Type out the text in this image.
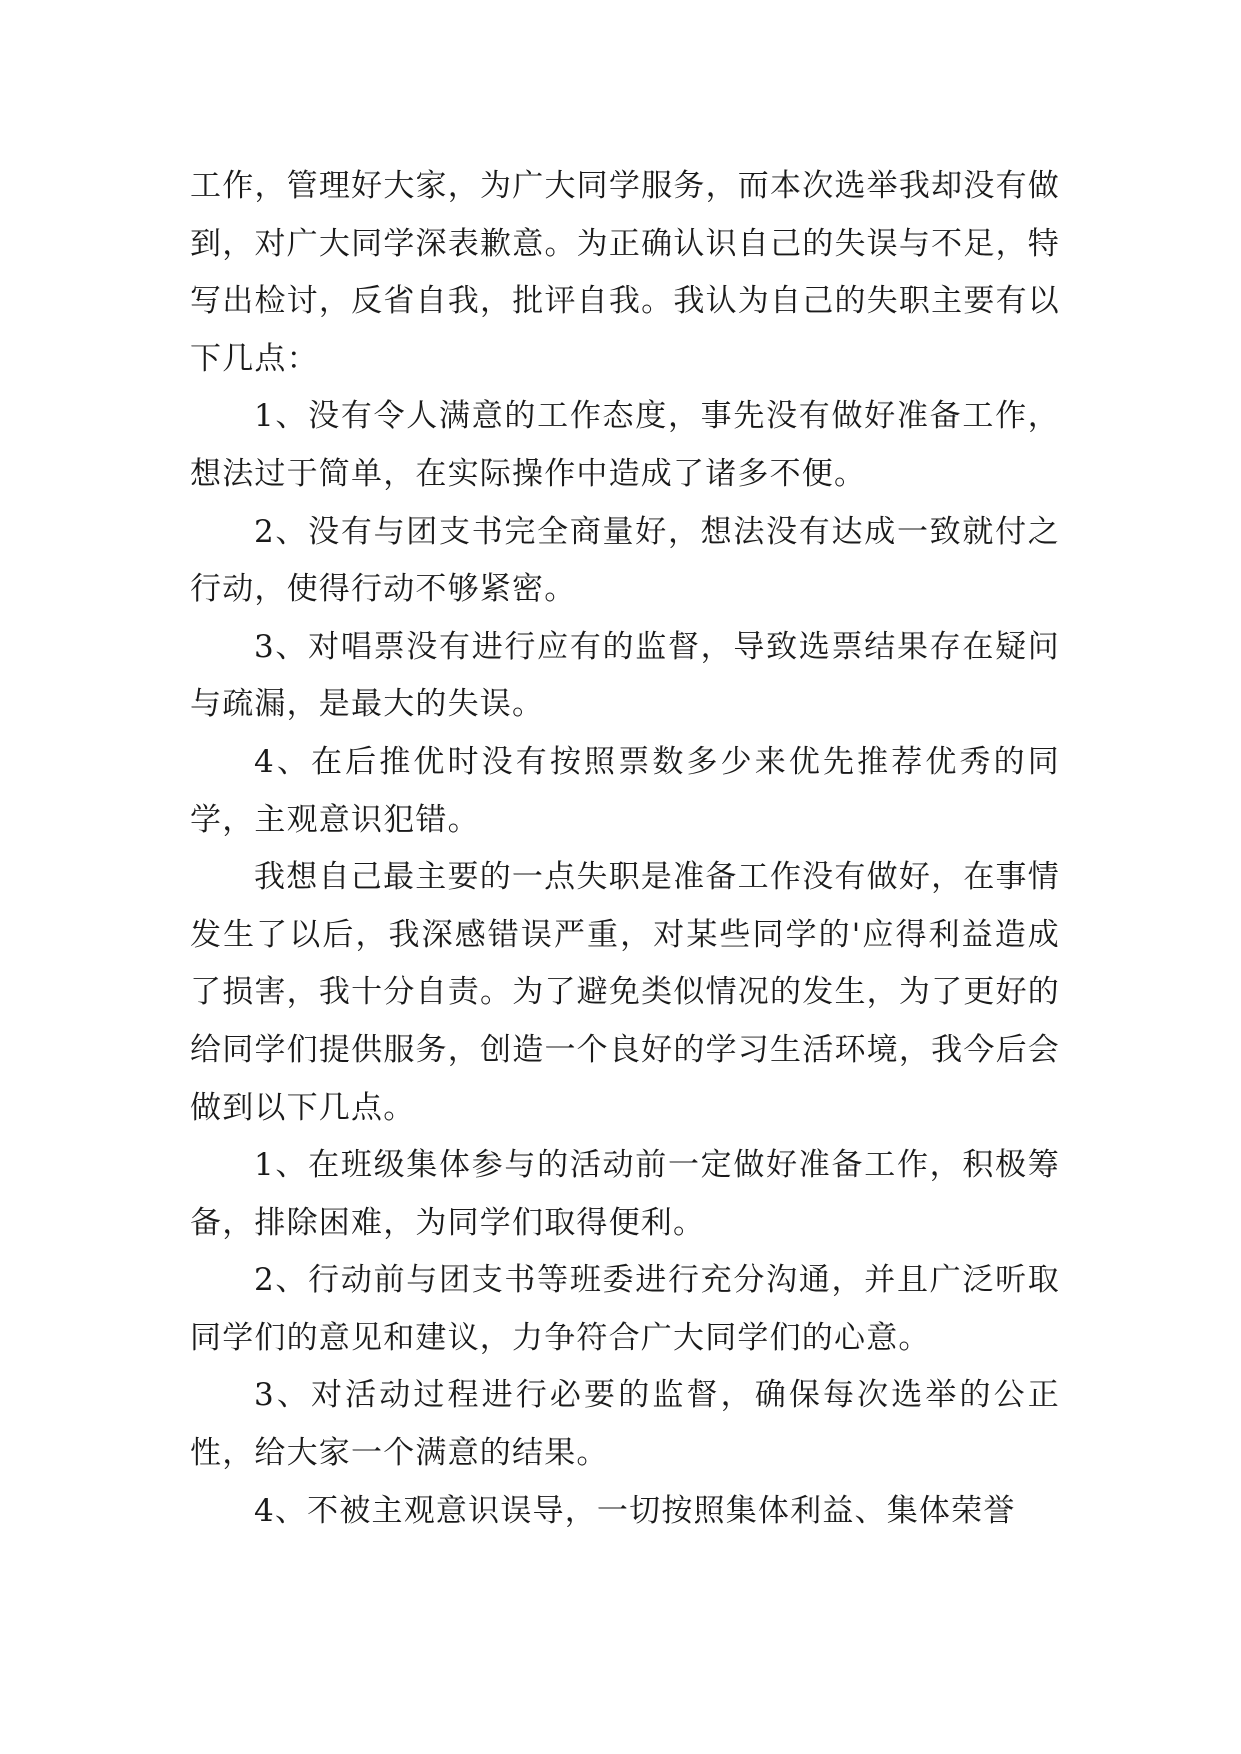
工作，管理好大家，为广大同学服务，而本次选举我却没有做到，对广大同学深表歉意。为正确认识自己的失误与不足，特写出检讨，反省自我，批评自我。我认为自己的失职主要有以下几点：

1、没有令人满意的工作态度，事先没有做好准备工作，想法过于简单，在实际操作中造成了诸多不便。

2、没有与团支书完全商量好，想法没有达成一致就付之行动，使得行动不够紧密。

3、对唱票没有进行应有的监督，导致选票结果存在疑问与疏漏，是最大的失误。

4、在后推优时没有按照票数多少来优先推荐优秀的同学，主观意识犯错。

我想自己最主要的一点失职是准备工作没有做好，在事情发生了以后，我深感错误严重，对某些同学的'应得利益造成了损害，我十分自责。为了避免类似情况的发生，为了更好的给同学们提供服务，创造一个良好的学习生活环境，我今后会做到以下几点。

1、在班级集体参与的活动前一定做好准备工作，积极筹备，排除困难，为同学们取得便利。

2、行动前与团支书等班委进行充分沟通，并且广泛听取同学们的意见和建议，力争符合广大同学们的心意。

3、对活动过程进行必要的监督，确保每次选举的公正性，给大家一个满意的结果。

4、不被主观意识误导，一切按照集体利益、集体荣誉
